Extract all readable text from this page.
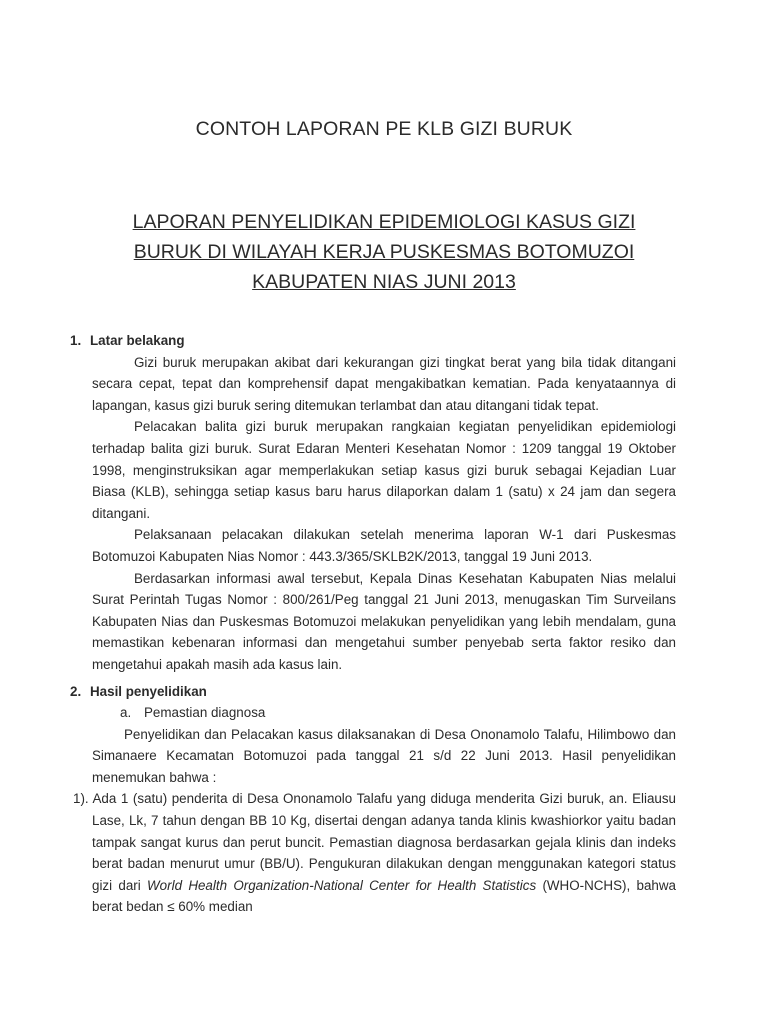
CONTOH LAPORAN PE KLB GIZI BURUK
LAPORAN PENYELIDIKAN EPIDEMIOLOGI KASUS GIZI BURUK DI WILAYAH KERJA PUSKESMAS BOTOMUZOI KABUPATEN NIAS JUNI 2013

1. Latar belakang

Gizi buruk merupakan akibat dari kekurangan gizi tingkat berat yang bila tidak ditangani secara cepat, tepat dan komprehensif dapat mengakibatkan kematian. Pada kenyataannya di lapangan, kasus gizi buruk sering ditemukan terlambat dan atau ditangani tidak tepat.

Pelacakan balita gizi buruk merupakan rangkaian kegiatan penyelidikan epidemiologi terhadap balita gizi buruk. Surat Edaran Menteri Kesehatan Nomor : 1209 tanggal 19 Oktober 1998, menginstruksikan agar memperlakukan setiap kasus gizi buruk sebagai Kejadian Luar Biasa (KLB), sehingga setiap kasus baru harus dilaporkan dalam 1 (satu) x 24 jam dan segera ditangani.

Pelaksanaan pelacakan dilakukan setelah menerima laporan W-1 dari Puskesmas Botomuzoi Kabupaten Nias Nomor : 443.3/365/SKLB2K/2013, tanggal 19 Juni 2013.

Berdasarkan informasi awal tersebut, Kepala Dinas Kesehatan Kabupaten Nias melalui Surat Perintah Tugas Nomor : 800/261/Peg tanggal 21 Juni 2013, menugaskan Tim Surveilans Kabupaten Nias dan Puskesmas Botomuzoi melakukan penyelidikan yang lebih mendalam, guna memastikan kebenaran informasi dan mengetahui sumber penyebab serta faktor resiko dan mengetahui apakah masih ada kasus lain.

2. Hasil penyelidikan

a. Pemastian diagnosa

Penyelidikan dan Pelacakan kasus dilaksanakan di Desa Ononamolo Talafu, Hilimbowo dan Simanaere Kecamatan Botomuzoi pada tanggal 21 s/d 22 Juni 2013. Hasil penyelidikan menemukan bahwa :

1). Ada 1 (satu) penderita di Desa Ononamolo Talafu yang diduga menderita Gizi buruk, an. Eliausu Lase, Lk, 7 tahun dengan BB 10 Kg, disertai dengan adanya tanda klinis kwashiorkor yaitu badan tampak sangat kurus dan perut buncit. Pemastian diagnosa berdasarkan gejala klinis dan indeks berat badan menurut umur (BB/U). Pengukuran dilakukan dengan menggunakan kategori status gizi dari World Health Organization-National Center for Health Statistics (WHO-NCHS), bahwa berat bedan ≤ 60% median
